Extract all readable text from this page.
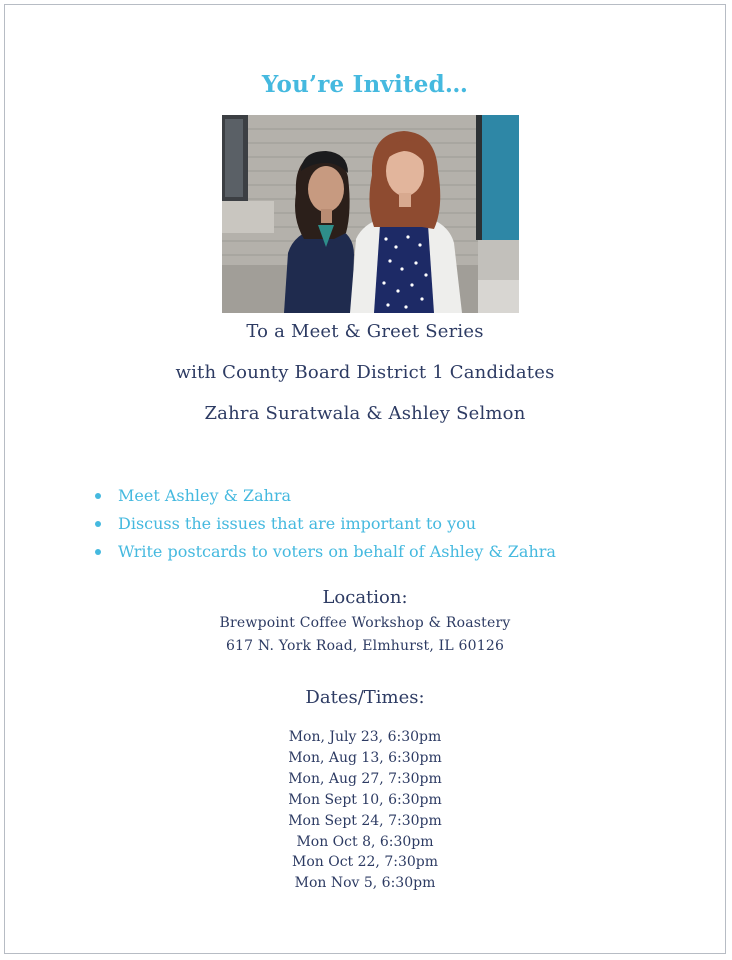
You’re Invited…
To a Meet & Greet Series
with County Board District 1 Candidates
Zahra Suratwala & Ashley Selmon
Meet Ashley & Zahra
Discuss the issues that are important to you
Write postcards to voters on behalf of Ashley & Zahra
Location:
Brewpoint Coffee Workshop & Roastery
617 N. York Road, Elmhurst, IL 60126
Dates/Times:
Mon, July 23, 6:30pm
Mon, Aug 13, 6:30pm
Mon, Aug 27, 7:30pm
Mon Sept 10, 6:30pm
Mon Sept 24, 7:30pm
Mon Oct 8, 6:30pm
Mon Oct 22, 7:30pm
Mon Nov 5, 6:30pm
